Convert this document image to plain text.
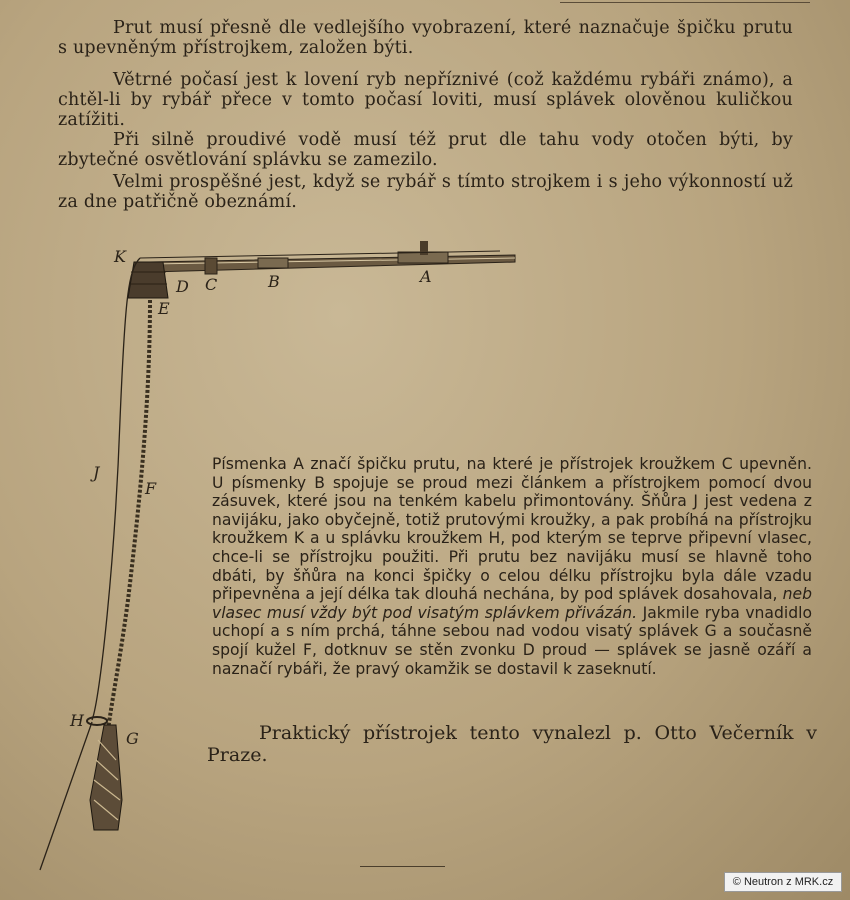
Prut musí přesně dle vedlejšího vyobrazení, které naznačuje špičku prutu s upevněným přístrojkem, založen býti.
Větrné počasí jest k lovení ryb nepříznivé (což každému rybáři známo), a chtěl-li by rybář přece v tomto počasí loviti, musí splávek olověnou kuličkou zatížiti.
Při silně proudivé vodě musí též prut dle tahu vody otočen býti, by zbytečné osvětlování splávku se zamezilo.
Velmi prospěšné jest, když se rybář s tímto strojkem i s jeho výkonností už za dne patřičně obeznámí.
K
A
B
C
D
E
J
F
H
G
Písmenka A značí špičku prutu, na které je přístrojek kroužkem C upevněn. U písmenky B spojuje se proud mezi článkem a přístrojkem pomocí dvou zásuvek, které jsou na tenkém kabelu přimontovány. Šňůra J jest vedena z navijáku, jako obyčejně, totiž prutovými kroužky, a pak probíhá na přístrojku kroužkem K a u splávku kroužkem H, pod kterým se teprve připevní vlasec, chce-li se přístrojku použiti. Při prutu bez navijáku musí se hlavně toho dbáti, by šňůra na konci špičky o celou délku přístrojku byla dále vzadu připevněna a její délka tak dlouhá nechána, by pod splávek dosahovala, neb vlasec musí vždy být pod visatým splávkem přivázán. Jakmile ryba vnadidlo uchopí a s ním prchá, táhne sebou nad vodou visatý splávek G a současně spojí kužel F, dotknuv se stěn zvonku D proud — splávek se jasně ozáří a naznačí rybáři, že pravý okamžik se dostavil k zaseknutí.
Praktický přístrojek tento vynalezl p. Otto Večerník v Praze.
© Neutron z MRK.cz
